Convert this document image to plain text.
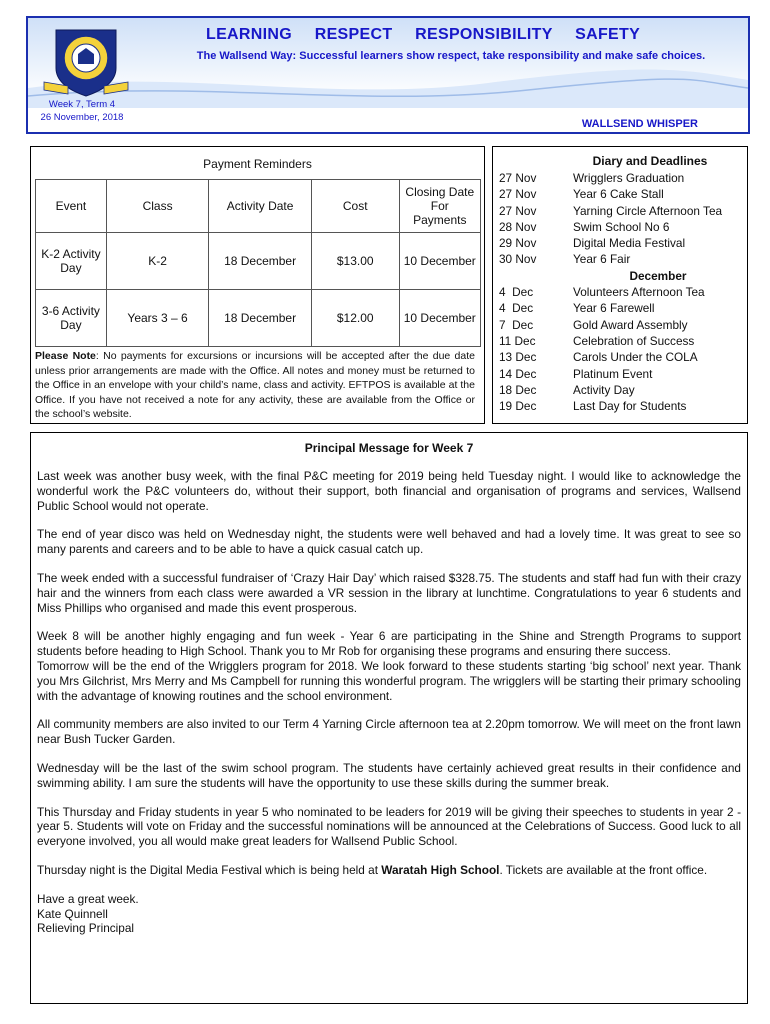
LEARNING RESPECT RESPONSIBILITY SAFETY
The Wallsend Way: Successful learners show respect, take responsibility and make safe choices.
Week 7, Term 4
26 November, 2018
WALLSEND WHISPER
Payment Reminders
Event	Class	Activity Date	Cost	Closing Date For Payments
K-2 Activity Day	K-2	18 December	$13.00	10 December
3-6 Activity Day	Years 3 – 6	18 December	$12.00	10 December
Please Note: No payments for excursions or incursions will be accepted after the due date unless prior arrangements are made with the Office. All notes and money must be returned to the Office in an envelope with your child’s name, class and activity. EFTPOS is available at the Office. If you have not received a note for any activity, these are available from the Office or the school’s website.
Diary and Deadlines
27 Nov	Wrigglers Graduation
27 Nov	Year 6 Cake Stall
27 Nov	Yarning Circle Afternoon Tea
28 Nov	Swim School No 6
29 Nov	Digital Media Festival
30 Nov	Year 6 Fair
December
4  Dec	Volunteers Afternoon Tea
4  Dec	Year 6 Farewell
7  Dec	Gold Award Assembly
11 Dec	Celebration of Success
13 Dec	Carols Under the COLA
14 Dec	Platinum Event
18 Dec	Activity Day
19 Dec	Last Day for Students
Principal Message for Week 7

Last week was another busy week, with the final P&C meeting for 2019 being held Tuesday night. I would like to acknowledge the wonderful work the P&C volunteers do, without their support, both financial and organisation of programs and services, Wallsend Public School would not operate.

The end of year disco was held on Wednesday night, the students were well behaved and had a lovely time. It was great to see so many parents and careers and to be able to have a quick casual catch up.

The week ended with a successful fundraiser of ‘Crazy Hair Day’ which raised $328.75. The students and staff had fun with their crazy hair and the winners from each class were awarded a VR session in the library at lunchtime. Congratulations to year 6 students and Miss Phillips who organised and made this event prosperous.

Week 8 will be another highly engaging and fun week - Year 6 are participating in the Shine and Strength Programs to support students before heading to High School. Thank you to Mr Rob for organising these programs and ensuring there success.

Tomorrow will be the end of the Wrigglers program for 2018. We look forward to these students starting ‘big school’ next year. Thank you Mrs Gilchrist, Mrs Merry and Ms Campbell for running this wonderful program. The wrigglers will be starting their primary schooling with the advantage of knowing routines and the school environment.

All community members are also invited to our Term 4 Yarning Circle afternoon tea at 2.20pm tomorrow. We will meet on the front lawn near Bush Tucker Garden.

Wednesday will be the last of the swim school program. The students have certainly achieved great results in their confidence and swimming ability. I am sure the students will have the opportunity to use these skills during the summer break.

This Thursday and Friday students in year 5 who nominated to be leaders for 2019 will be giving their speeches to students in year 2 - year 5. Students will vote on Friday and the successful nominations will be announced at the Celebrations of Success. Good luck to all everyone involved, you all would make great leaders for Wallsend Public School.

Thursday night is the Digital Media Festival which is being held at Waratah High School. Tickets are available at the front office.

Have a great week.
Kate Quinnell
Relieving Principal
